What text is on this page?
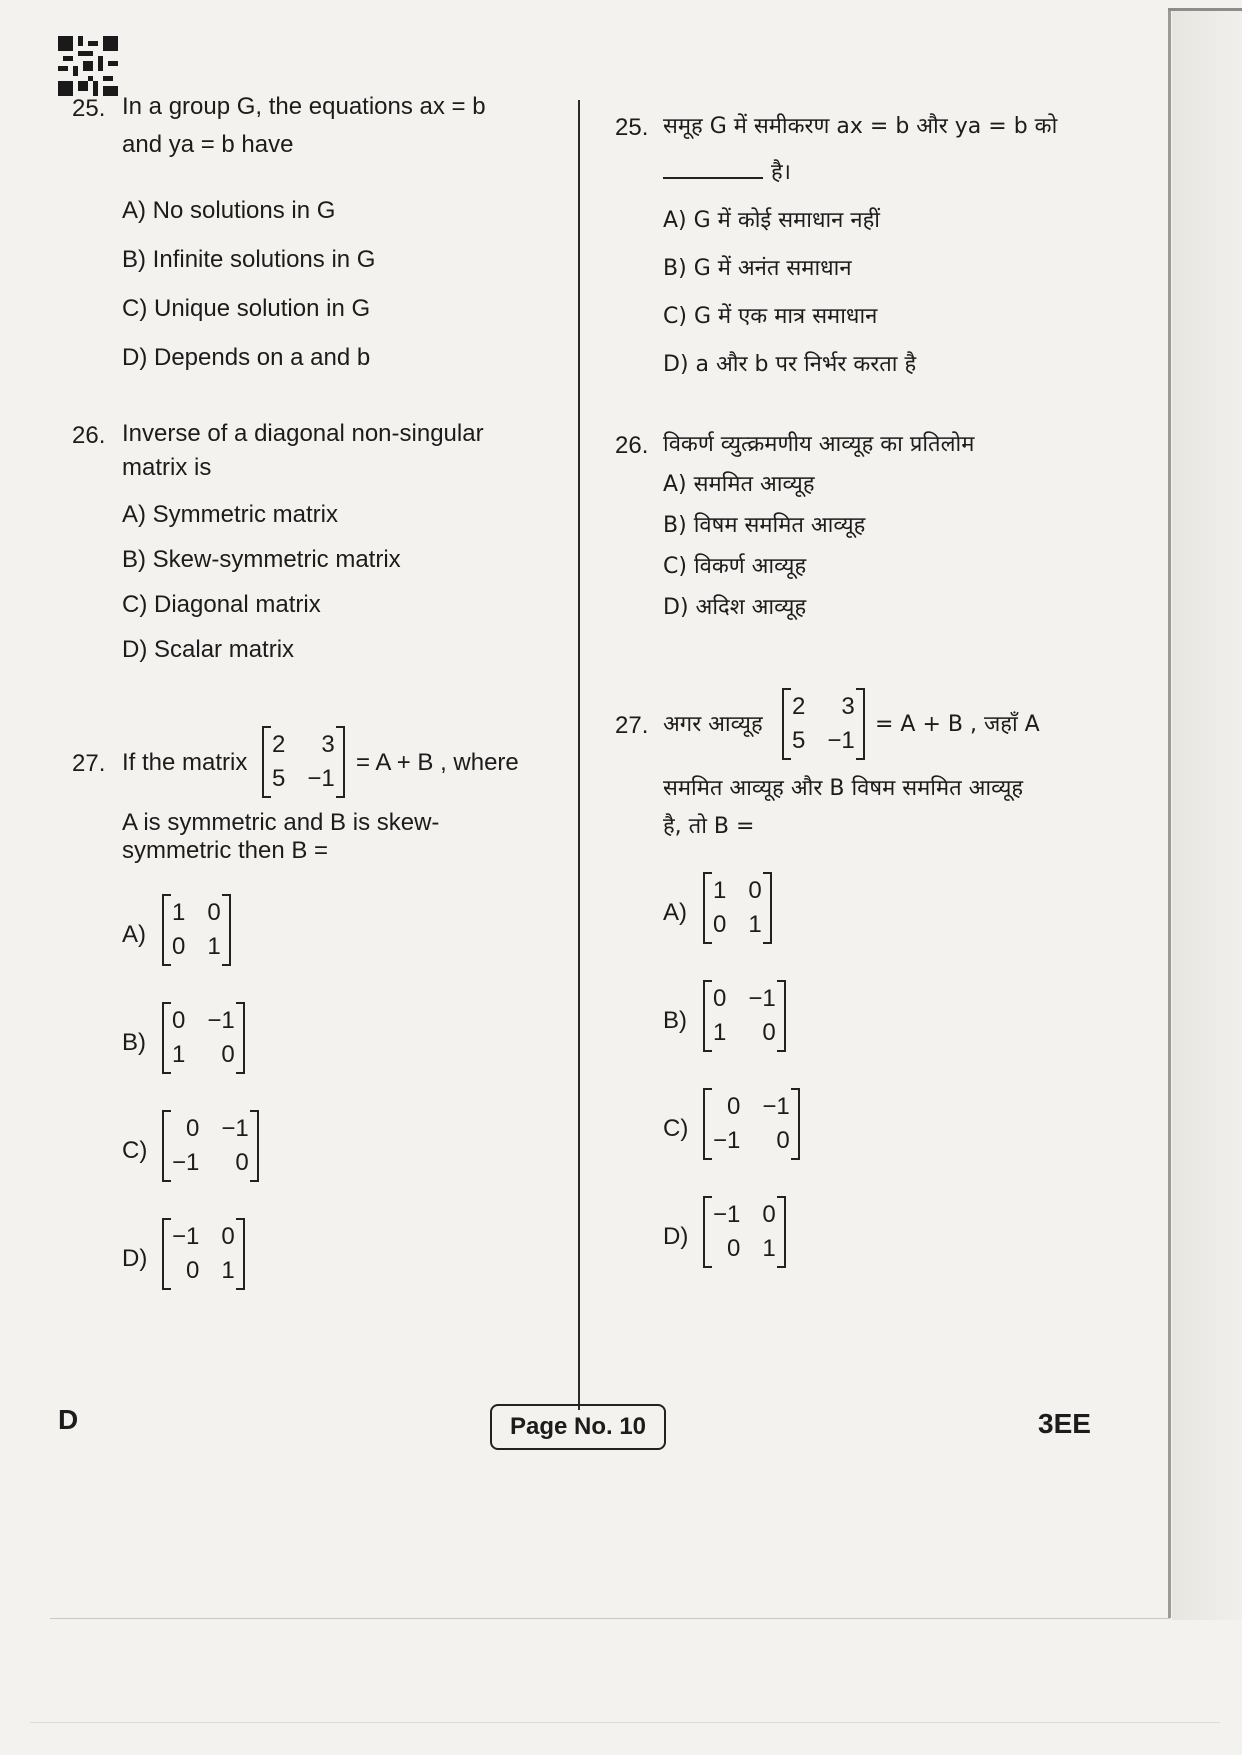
25. In a group G, the equations ax = b
and ya = b have
A) No solutions in G
B) Infinite solutions in G
C) Unique solution in G
D) Depends on a and b
26. Inverse of a diagonal non-singular
matrix is
A) Symmetric matrix
B) Skew-symmetric matrix
C) Diagonal matrix
D) Scalar matrix
27. If the matrix
2	3
5 −1
= A + B , where
A is symmetric and B is skew-
symmetric then B =
A)
1 0
0 1
B)
0 −1
1	0
C)
0 −1
−1	0
D)
−1 0
0 1
25. समूह G में समीकरण ax = b और ya = b को
है।
A) G में कोई समाधान नहीं
B) G में अनंत समाधान
C) G में एक मात्र समाधान
D) a और b पर निर्भर करता है
26. विकर्ण व्युत्क्रमणीय आव्यूह का प्रतिलोम
A) सममित आव्यूह
B) विषम सममित आव्यूह
C) विकर्ण आव्यूह
D) अदिश आव्यूह
27. अगर आव्यूह
2	3
5 −1
= A + B , जहाँ A
सममित आव्यूह और B विषम सममित आव्यूह
है, तो B =
A)
1 0
0 1
B)
0 −1
1	0
C)
0 −1
−1	0
D)
−1 0
0 1
D	Page No. 10	3EE
